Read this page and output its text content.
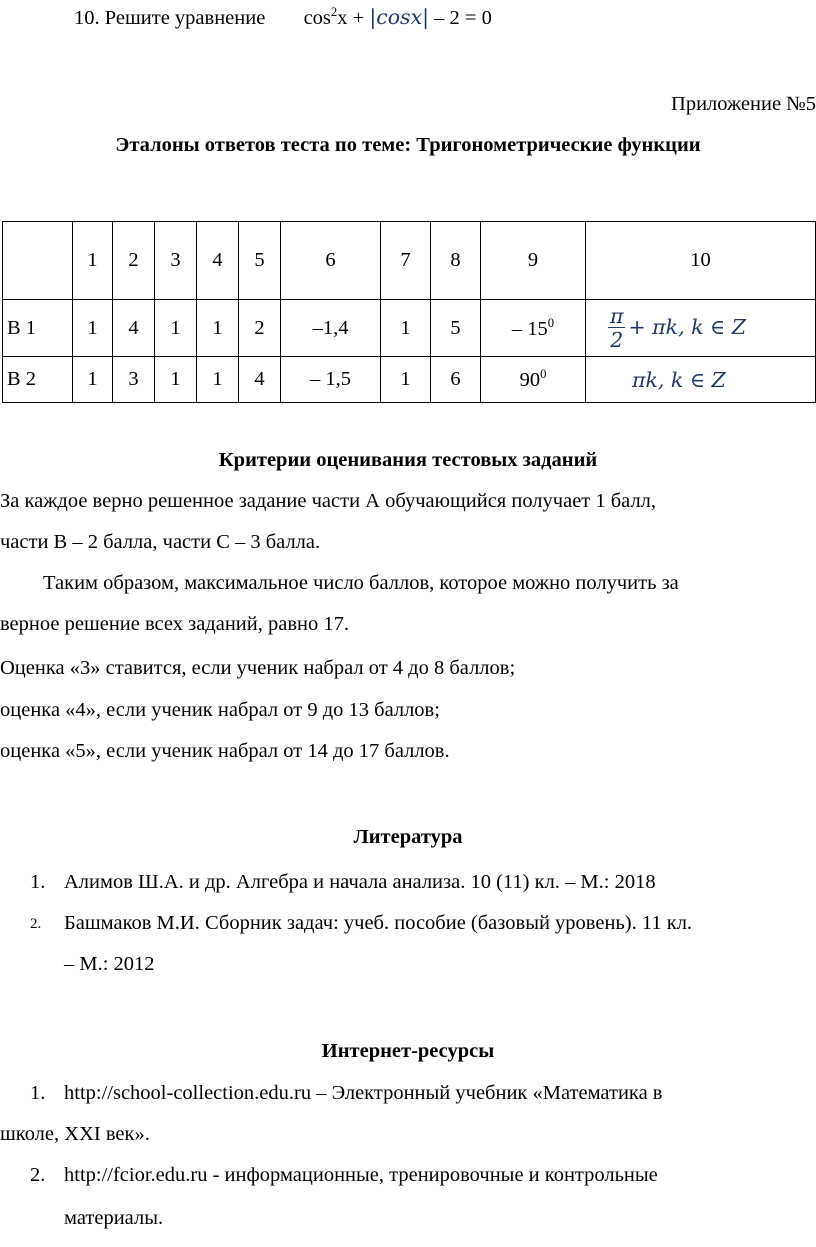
10. Решите уравнение $\cos^2x + |\cos x| - 2 = 0$
Приложение №5
Эталоны ответов теста по теме: Тригонометрические функции
	1	2	3	4	5	6	7	8	9	10
В 1	1	4	1	1	2	–1,4	1	5	– $15^0$	$\frac{\pi}{2} + \pi k$, k ∈ Z
В 2	1	3	1	1	4	– 1,5	1	6	$90^0$	πk, k ∈ Z
Критерии оценивания тестовых заданий
За каждое верно решенное задание части А обучающийся получает 1 балл,
части В – 2 балла, части С – 3 балла.
Таким образом, максимальное число баллов, которое можно получить за
верное решение всех заданий, равно 17.
Оценка «3» ставится, если ученик набрал от 4 до 8 баллов;
оценка «4», если ученик набрал от 9 до 13 баллов;
оценка «5», если ученик набрал от 14 до 17 баллов.
Литература
1. Алимов Ш.А. и др. Алгебра и начала анализа. 10 (11) кл. – М.: 2018
2. Башмаков М.И. Сборник задач: учеб. пособие (базовый уровень). 11 кл.
– М.: 2012
Интернет-ресурсы
1. http://school-collection.edu.ru – Электронный учебник «Математика в
школе, XXI век».
2. http://fcior.edu.ru - информационные, тренировочные и контрольные
материалы.
